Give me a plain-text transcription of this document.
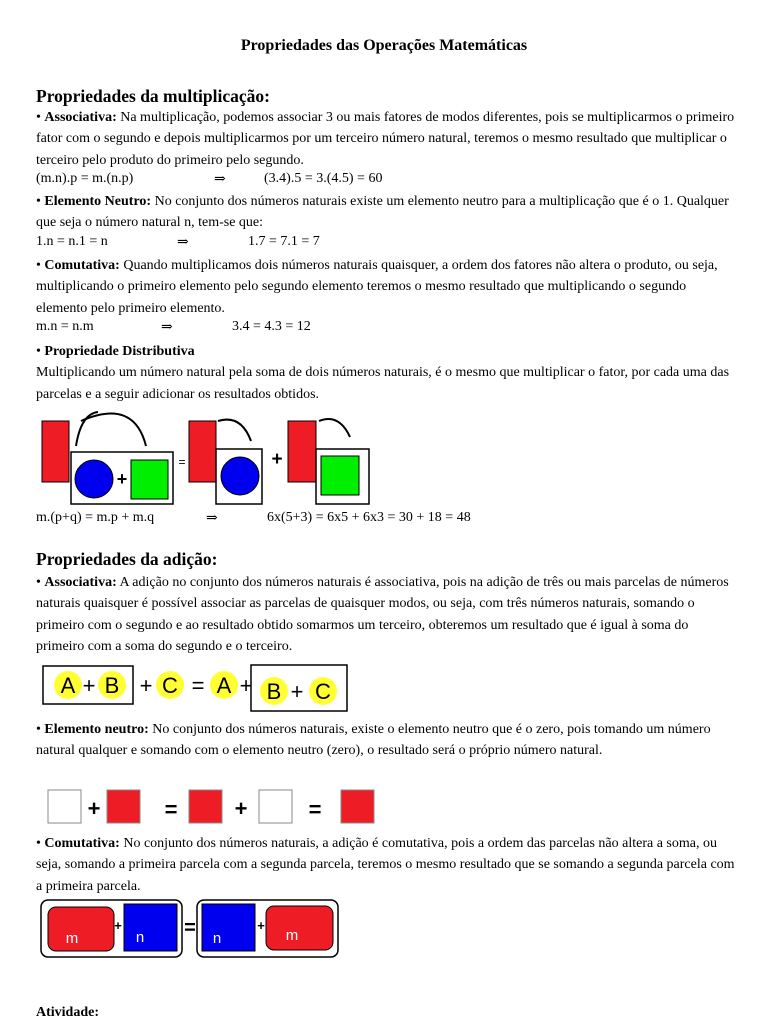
Propriedades das Operações Matemáticas
Propriedades da multiplicação:
• Associativa: Na multiplicação, podemos associar 3 ou mais fatores de modos diferentes, pois se multiplicarmos o primeiro fator com o segundo e depois multiplicarmos por um terceiro número natural, teremos o mesmo resultado que multiplicar o terceiro pelo produto do primeiro pelo segundo.
(m.n).p = m.(n.p)	⇒	(3.4).5 = 3.(4.5) = 60
• Elemento Neutro: No conjunto dos números naturais existe um elemento neutro para a multiplicação que é o 1. Qualquer que seja o número natural n, tem-se que:
1.n = n.1 = n	⇒	1.7 = 7.1 = 7
• Comutativa: Quando multiplicamos dois números naturais quaisquer, a ordem dos fatores não altera o produto, ou seja, multiplicando o primeiro elemento pelo segundo elemento teremos o mesmo resultado que multiplicando o segundo elemento pelo primeiro elemento.
m.n = n.m	⇒	3.4 = 4.3 = 12
• Propriedade Distributiva
Multiplicando um número natural pela soma de dois números naturais, é o mesmo que multiplicar o fator, por cada uma das parcelas e a seguir adicionar os resultados obtidos.
+
=	+
m.(p+q) = m.p + m.q	⇒	6x(5+3) = 6x5 + 6x3 = 30 + 18 = 48
Propriedades da adição:
• Associativa: A adição no conjunto dos números naturais é associativa, pois na adição de três ou mais parcelas de números naturais quaisquer é possível associar as parcelas de quaisquer modos, ou seja, com três números naturais, somando o primeiro com o segundo e ao resultado obtido somarmos um terceiro, obteremos um resultado que é igual à soma do primeiro com a soma do segundo e o terceiro.
A + B + C = A + B + C
• Elemento neutro: No conjunto dos números naturais, existe o elemento neutro que é o zero, pois tomando um número natural qualquer e somando com o elemento neutro (zero), o resultado será o próprio número natural.
+	=	+	=
• Comutativa: No conjunto dos números naturais, a adição é comutativa, pois a ordem das parcelas não altera a soma, ou seja, somando a primeira parcela com a segunda parcela, teremos o mesmo resultado que se somando a segunda parcela com a primeira parcela.
m
+
n = n
+
m
Atividade:
